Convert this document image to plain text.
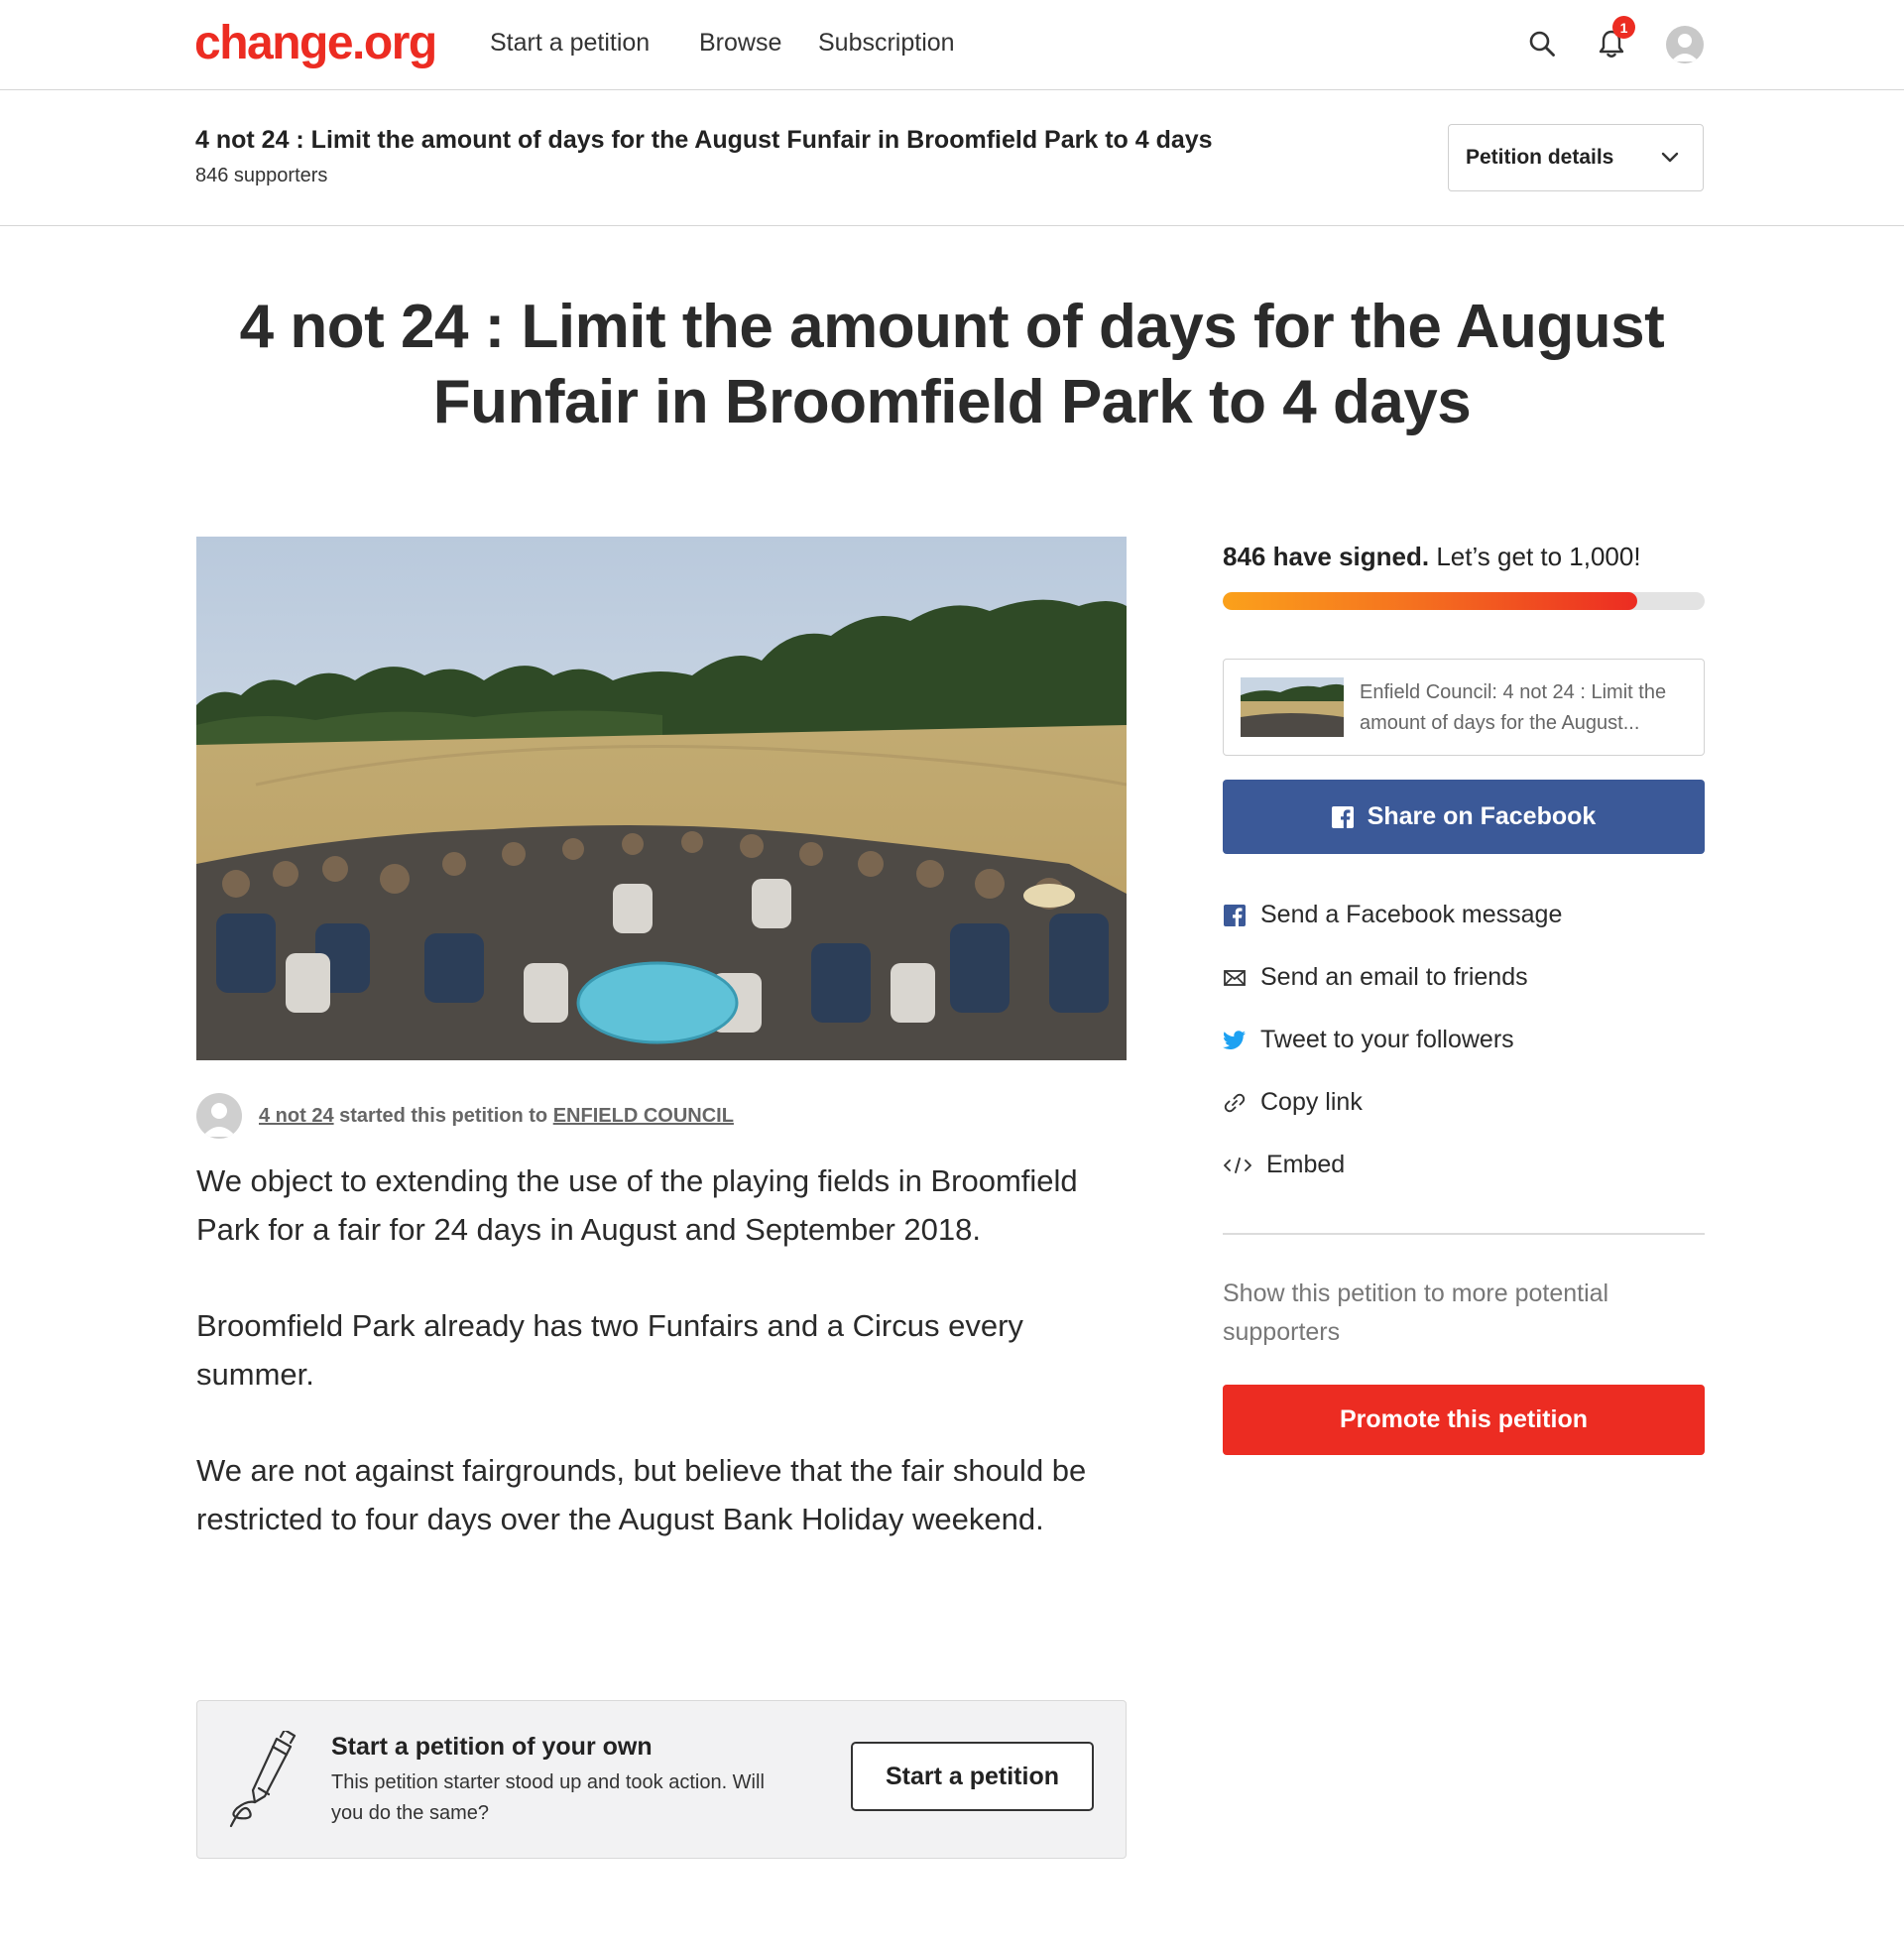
change.org Start a petition Browse Subscription
1
4 not 24 : Limit the amount of days for the August Funfair in Broomfield Park to 4 days
846 supporters
Petition details
4 not 24 : Limit the amount of days for the August Funfair in Broomfield Park to 4 days
4 not 24 started this petition to ENFIELD COUNCIL

We object to extending the use of the playing fields in Broomfield Park for a fair for 24 days in August and September 2018.

Broomfield Park already has two Funfairs and a Circus every summer.

We are not against fairgrounds, but believe that the fair should be restricted to four days over the August Bank Holiday weekend.

Start a petition of your own
This petition starter stood up and took action. Will you do the same?
Start a petition
846 have signed. Let’s get to 1,000!
Enfield Council: 4 not 24 : Limit the amount of days for the August...
Share on Facebook
Send a Facebook message
Send an email to friends
Tweet to your followers
Copy link
Embed
Show this petition to more potential supporters
Promote this petition
